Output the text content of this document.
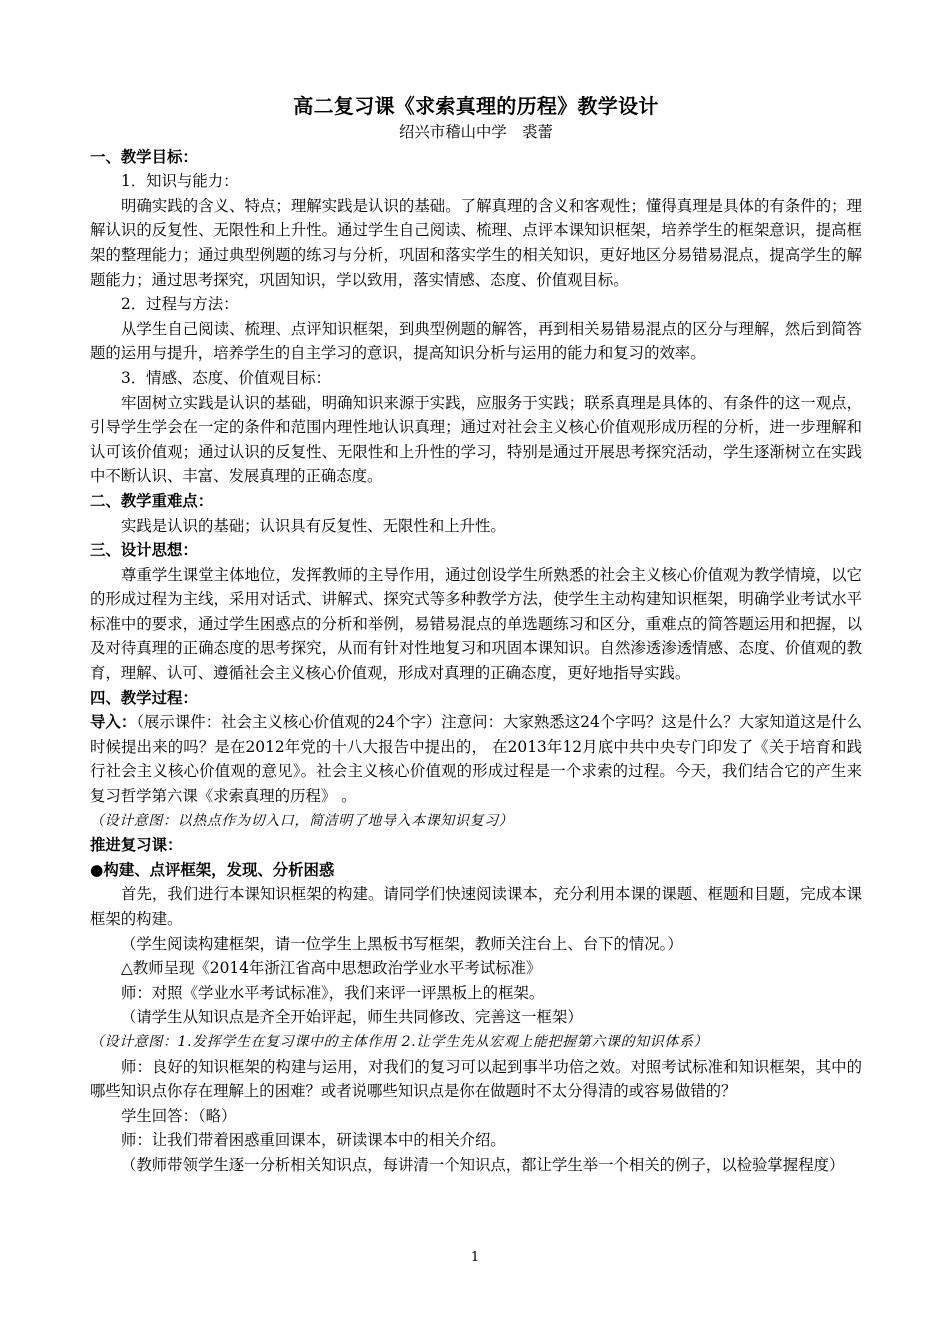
高二复习课《求索真理的历程》教学设计

绍兴市稽山中学　裘蕾

一、教学目标：

1．知识与能力：

明确实践的含义、特点；理解实践是认识的基础。了解真理的含义和客观性；懂得真理是具体的有条件的；理解认识的反复性、无限性和上升性。通过学生自己阅读、梳理、点评本课知识框架，培养学生的框架意识，提高框架的整理能力；通过典型例题的练习与分析，巩固和落实学生的相关知识，更好地区分易错易混点，提高学生的解题能力；通过思考探究，巩固知识，学以致用，落实情感、态度、价值观目标。

2．过程与方法：

从学生自己阅读、梳理、点评知识框架，到典型例题的解答，再到相关易错易混点的区分与理解，然后到简答题的运用与提升，培养学生的自主学习的意识，提高知识分析与运用的能力和复习的效率。

3．情感、态度、价值观目标：

牢固树立实践是认识的基础，明确知识来源于实践，应服务于实践；联系真理是具体的、有条件的这一观点，引导学生学会在一定的条件和范围内理性地认识真理；通过对社会主义核心价值观形成历程的分析，进一步理解和认可该价值观；通过认识的反复性、无限性和上升性的学习，特别是通过开展思考探究活动，学生逐渐树立在实践中不断认识、丰富、发展真理的正确态度。

二、教学重难点：

实践是认识的基础；认识具有反复性、无限性和上升性。

三、设计思想：

尊重学生课堂主体地位，发挥教师的主导作用，通过创设学生所熟悉的社会主义核心价值观为教学情境，以它的形成过程为主线，采用对话式、讲解式、探究式等多种教学方法，使学生主动构建知识框架，明确学业考试水平标准中的要求，通过学生困惑点的分析和举例，易错易混点的单选题练习和区分，重难点的简答题运用和把握，以及对待真理的正确态度的思考探究，从而有针对性地复习和巩固本课知识。自然渗透渗透情感、态度、价值观的教育，理解、认可、遵循社会主义核心价值观，形成对真理的正确态度，更好地指导实践。

四、教学过程：

导入：（展示课件：社会主义核心价值观的24个字）注意问：大家熟悉这24个字吗？这是什么？大家知道这是什么时候提出来的吗？是在2012年党的十八大报告中提出的， 在2013年12月底中共中央专门印发了《关于培育和践行社会主义核心价值观的意见》。社会主义核心价值观的形成过程是一个求索的过程。今天，我们结合它的产生来复习哲学第六课《求索真理的历程》 。

（设计意图：以热点作为切入口，简洁明了地导入本课知识复习）

推进复习课：

●构建、点评框架，发现、分析困惑

首先，我们进行本课知识框架的构建。请同学们快速阅读课本，充分利用本课的课题、框题和目题，完成本课框架的构建。

（学生阅读构建框架，请一位学生上黑板书写框架，教师关注台上、台下的情况。）

△教师呈现《2014年浙江省高中思想政治学业水平考试标准》

师：对照《学业水平考试标准》，我们来评一评黑板上的框架。

（请学生从知识点是齐全开始评起，师生共同修改、完善这一框架）

（设计意图：1.发挥学生在复习课中的主体作用 2.让学生先从宏观上能把握第六课的知识体系）

师：良好的知识框架的构建与运用，对我们的复习可以起到事半功倍之效。对照考试标准和知识框架，其中的哪些知识点你存在理解上的困难？或者说哪些知识点是你在做题时不太分得清的或容易做错的？

学生回答：（略）

师：让我们带着困惑重回课本，研读课本中的相关介绍。

（教师带领学生逐一分析相关知识点，每讲清一个知识点，都让学生举一个相关的例子，以检验掌握程度）

1
